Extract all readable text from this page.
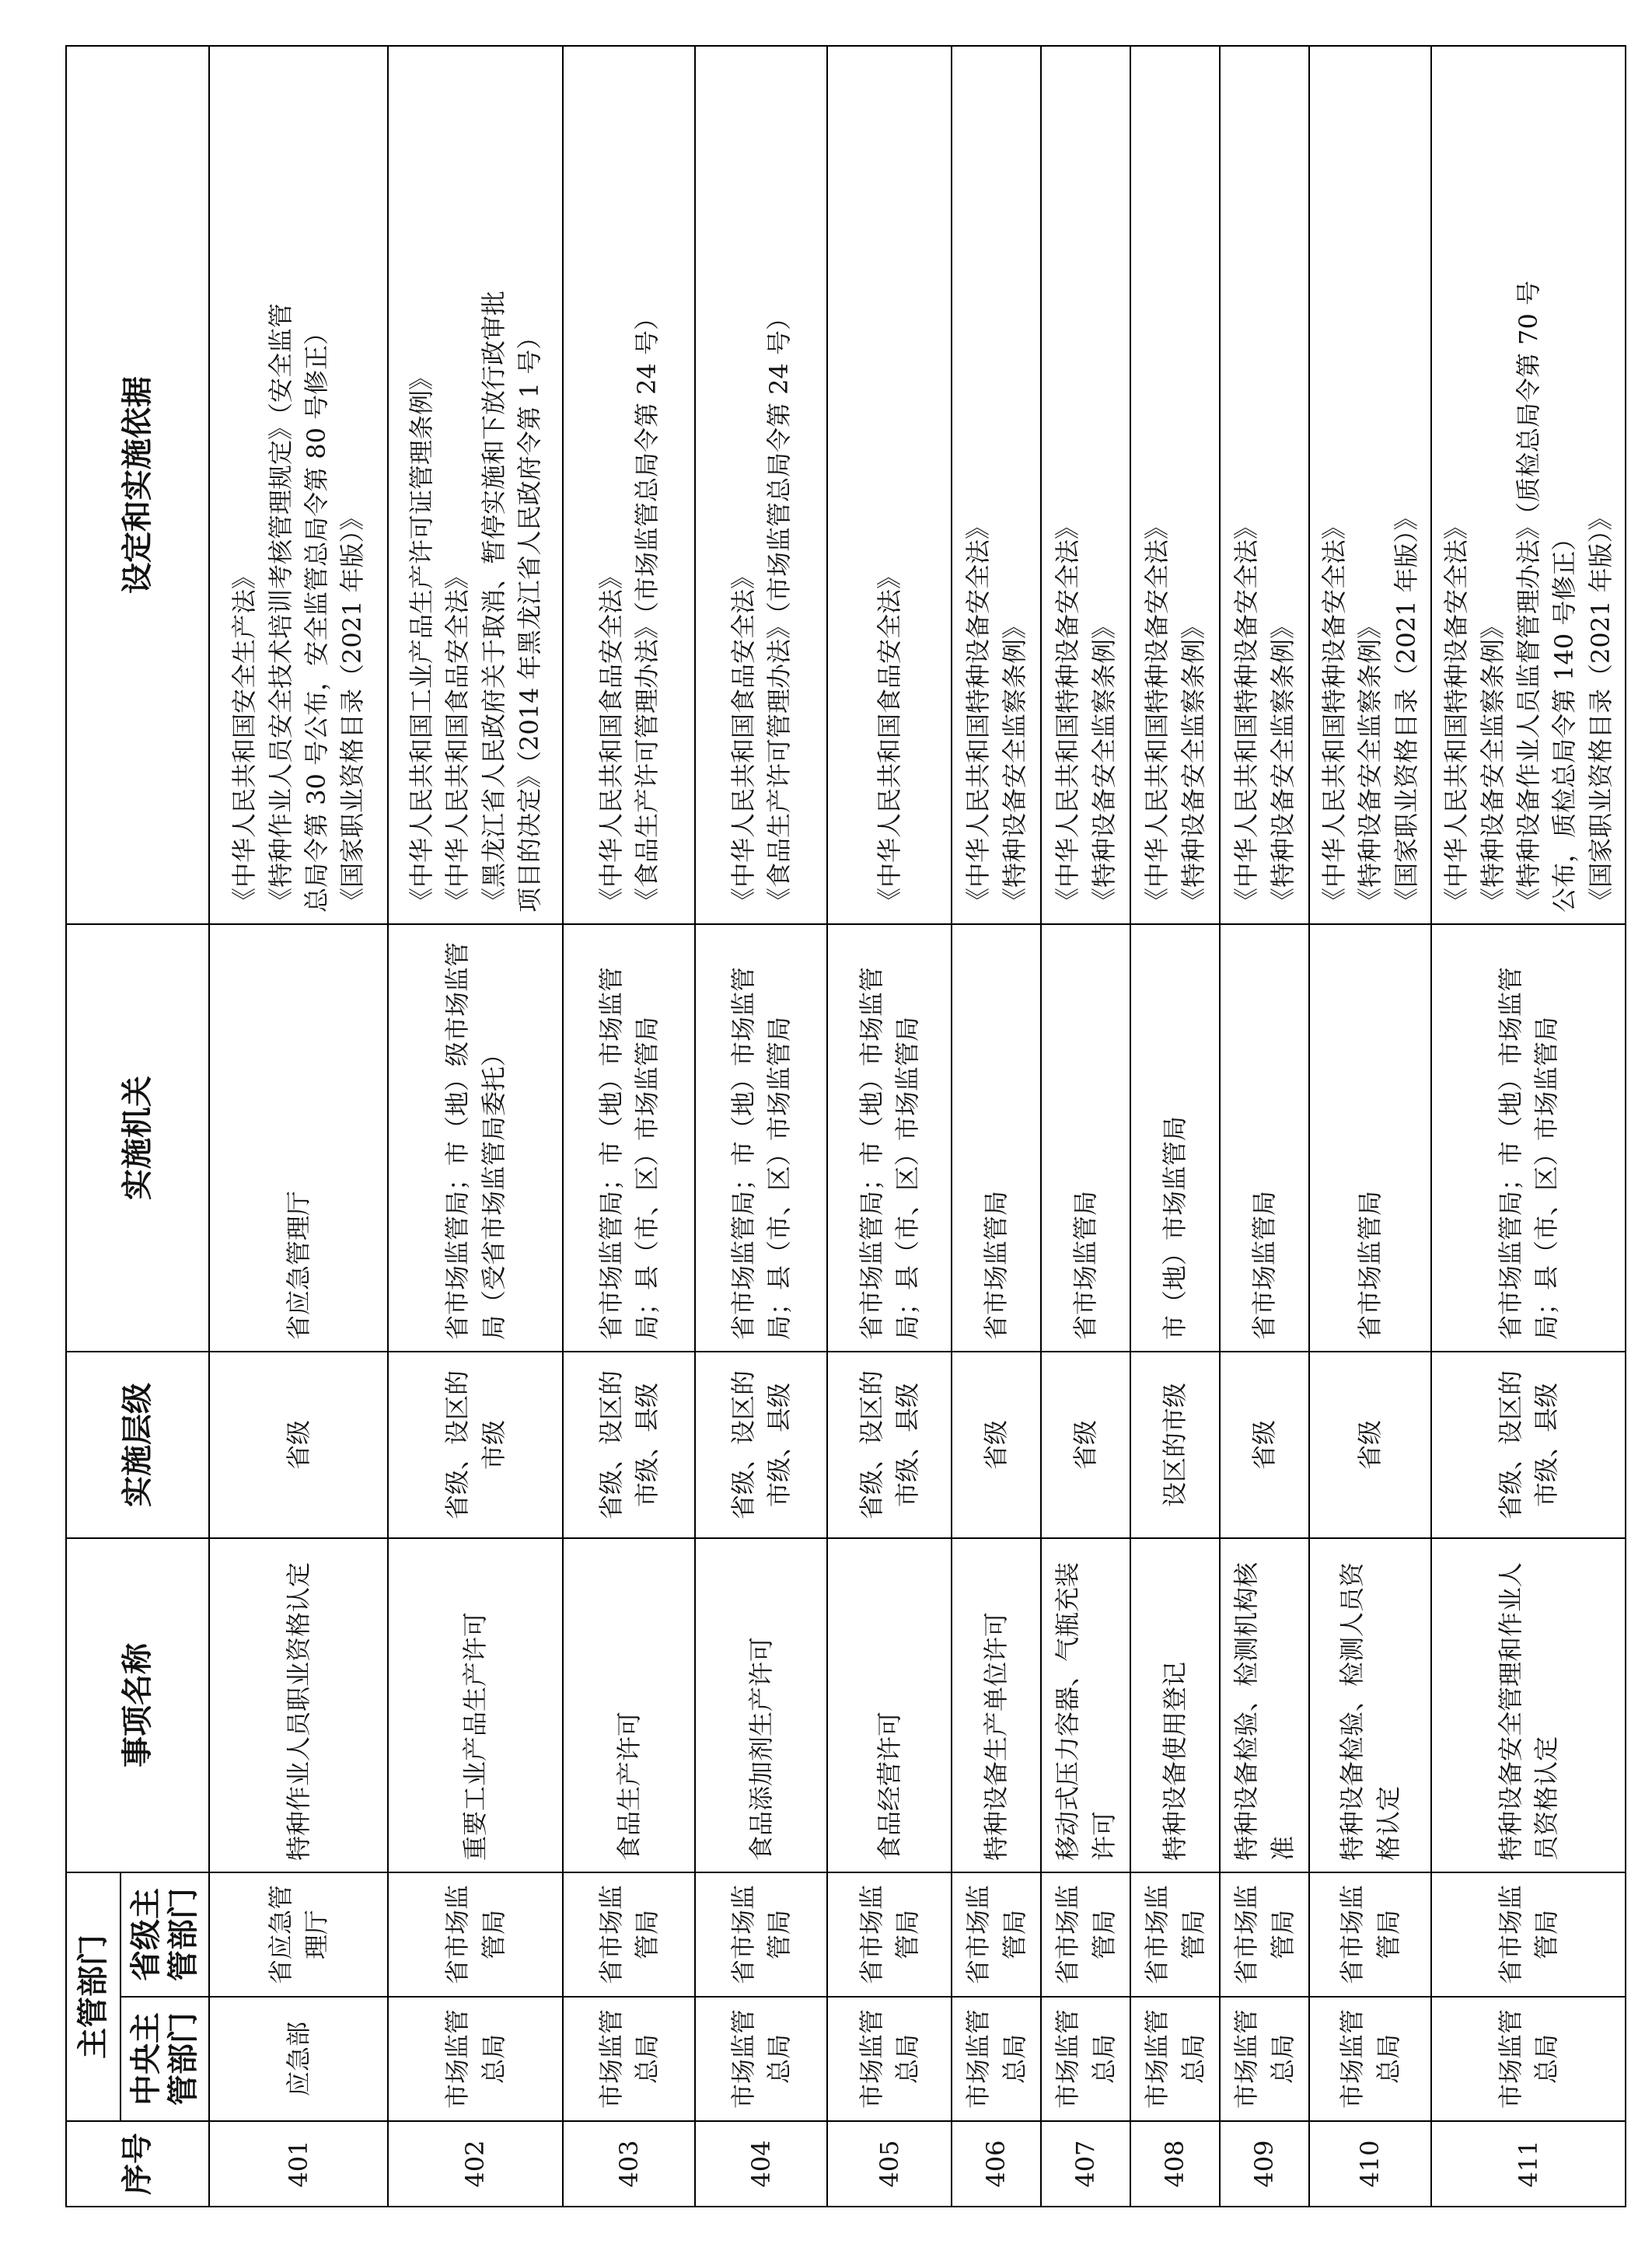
序号	主管部门		事项名称	实施层级	实施机关	设定和实施依据
	中央主管部门	省级主管部门				
401	应急部	省应急管理厅	特种作业人员职业资格认定	省级	省应急管理厅	《中华人民共和国安全生产法》 《特种作业人员安全技术培训考核管理规定》（安全监管 总局令第 30 号公布，安全监管总局令第 80 号修正） 《国家职业资格目录（2021 年版）》

402	市场监管总局	省市场监管局	重要工业产品生产许可	省级、设区的市级	省市场监管局；市（地）级市场监管局（受省市场监管局委托）	《中华人民共和国工业产品生产许可证管理条例》 《中华人民共和国食品安全法》 《黑龙江省人民政府关于取消、暂停实施和下放行政审批 项目的决定》（2014 年黑龙江省人民政府令第 1 号）

403	市场监管总局	省市场监管局	食品生产许可	省级、设区的市级、县级	省市场监管局；市（地）市场监管局；县（市、区）市场监管局	《中华人民共和国食品安全法》 《食品生产许可管理办法》（市场监管总局令第 24 号）

404	市场监管总局	省市场监管局	食品添加剂生产许可	省级、设区的市级、县级	省市场监管局；市（地）市场监管局；县（市、区）市场监管局	《中华人民共和国食品安全法》 《食品生产许可管理办法》（市场监管总局令第 24 号）

405	市场监管总局	省市场监管局	食品经营许可	省级、设区的市级、县级	省市场监管局；市（地）市场监管局；县（市、区）市场监管局	《中华人民共和国食品安全法》

406	市场监管总局	省市场监管局	特种设备生产单位许可	省级	省市场监管局	《中华人民共和国特种设备安全法》 《特种设备安全监察条例》

407	市场监管总局	省市场监管局	移动式压力容器、气瓶充装许可	省级	省市场监管局	《中华人民共和国特种设备安全法》 《特种设备安全监察条例》

408	市场监管总局	省市场监管局	特种设备使用登记	设区的市级	市（地）市场监管局	《中华人民共和国特种设备安全法》 《特种设备安全监察条例》

409	市场监管总局	省市场监管局	特种设备检验、检测机构核准	省级	省市场监管局	《中华人民共和国特种设备安全法》 《特种设备安全监察条例》

410	市场监管总局	省市场监管局	特种设备检验、检测人员资格认定	省级	省市场监管局	《中华人民共和国特种设备安全法》 《特种设备安全监察条例》 《国家职业资格目录（2021 年版）》

411	市场监管总局	省市场监管局	特种设备安全管理和作业人员资格认定	省级、设区的市级、县级	省市场监管局；市（地）市场监管局；县（市、区）市场监管局	《中华人民共和国特种设备安全法》 《特种设备安全监察条例》 《特种设备作业人员监督管理办法》（质检总局令第 70 号 公布，质检总局令第 140 号修正） 《国家职业资格目录（2021 年版）》
